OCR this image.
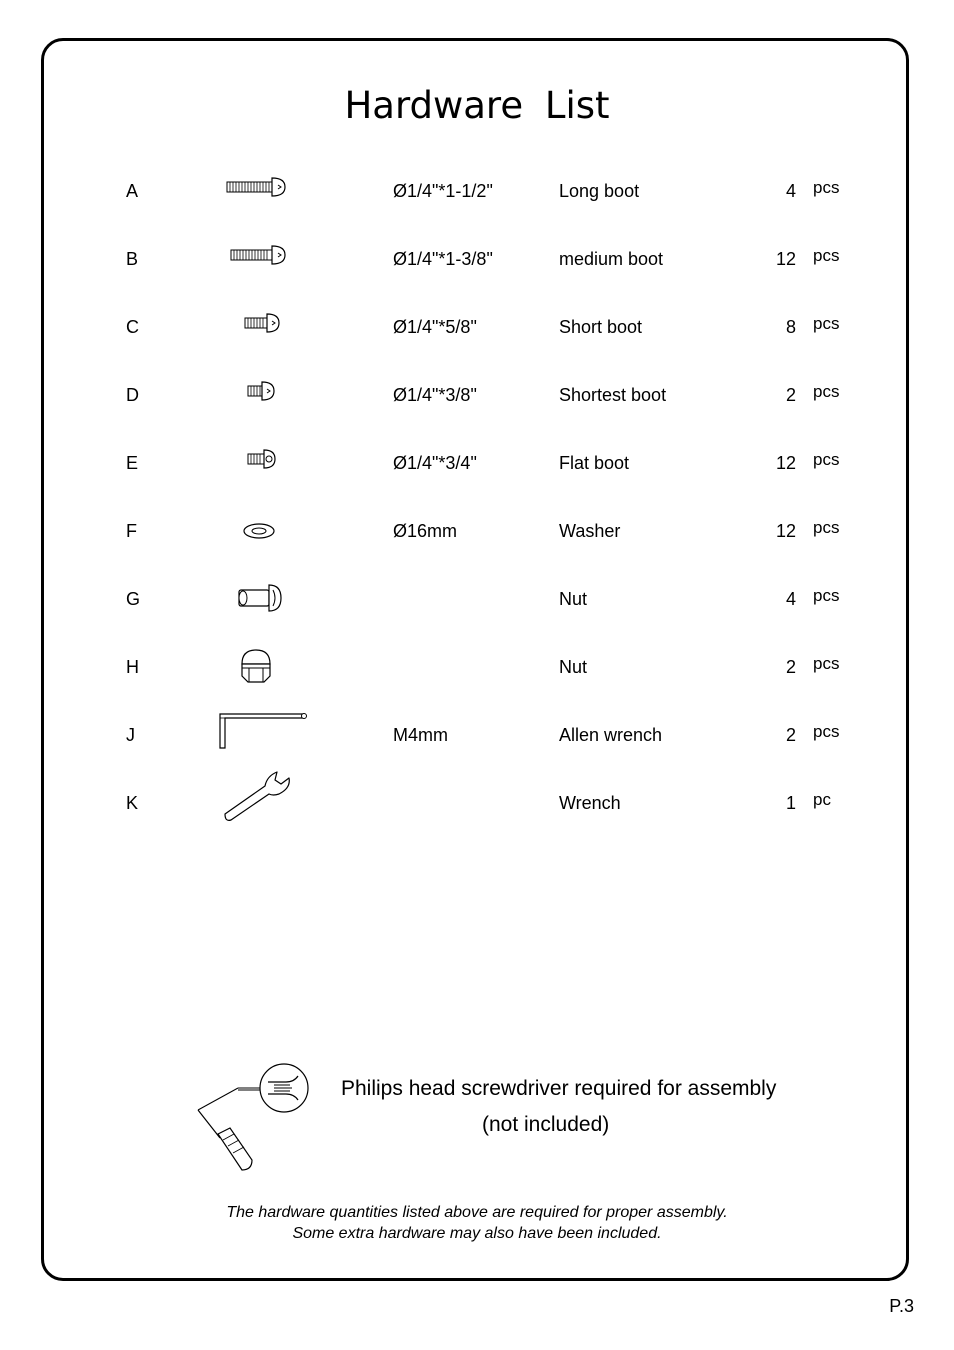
Hardware List
A	Ø1/4"*1-1/2"	Long boot	4 pcs
B	Ø1/4"*1-3/8"	medium boot	12 pcs
C	Ø1/4"*5/8"	Short boot	8 pcs
D	Ø1/4"*3/8"	Shortest boot	2 pcs
E	Ø1/4"*3/4"	Flat boot	12 pcs
F	Ø16mm	Washer	12 pcs
G	Nut	4 pcs
H	Nut	2 pcs
J	M4mm	Allen wrench	2 pcs
K	Wrench	1 pc
Philips head screwdriver required for assembly
(not included)
The hardware quantities listed above are required for proper assembly.
Some extra hardware may also have been included.
P.3
